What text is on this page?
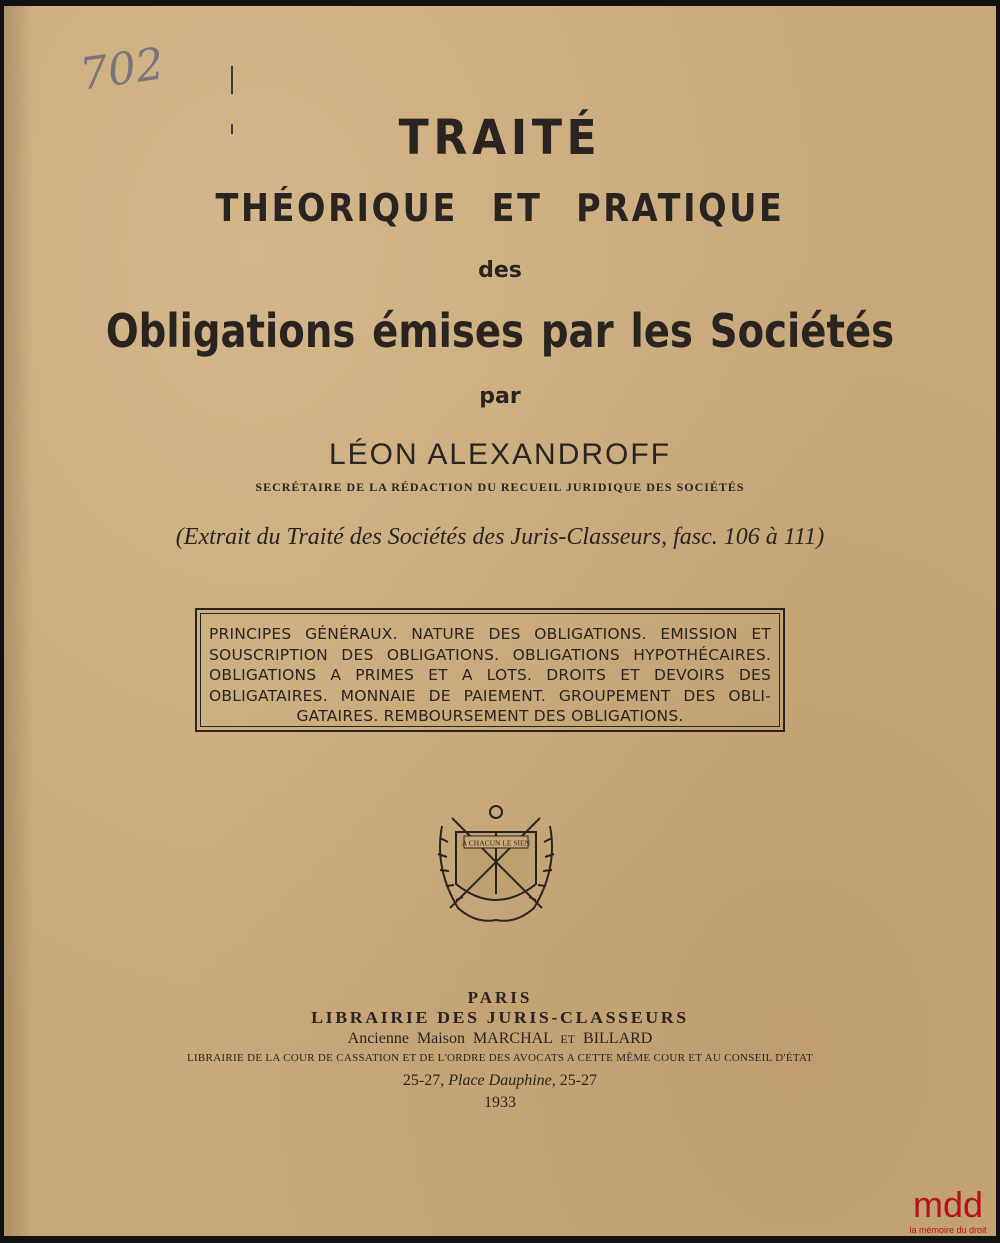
702
TRAITÉ
THÉORIQUE ET PRATIQUE
des
Obligations émises par les Sociétés
par
LÉON ALEXANDROFF
SECRÉTAIRE DE LA RÉDACTION DU RECUEIL JURIDIQUE DES SOCIÉTÉS
(Extrait du Traité des Sociétés des Juris-Classeurs, fasc. 106 à 111)
PRINCIPES GÉNÉRAUX. NATURE DES OBLIGATIONS. EMISSION ET SOUSCRIPTION DES OBLIGATIONS. OBLIGATIONS HYPOTHÉCAIRES. OBLIGATIONS A PRIMES ET A LOTS. DROITS ET DEVOIRS DES OBLIGATAIRES. MONNAIE DE PAIEMENT. GROUPEMENT DES OBLI-GATAIRES. REMBOURSEMENT DES OBLIGATIONS.
A CHACUN LE SIEN
PARIS
LIBRAIRIE DES JURIS-CLASSEURS
Ancienne Maison MARCHAL ET BILLARD
LIBRAIRIE DE LA COUR DE CASSATION ET DE L'ORDRE DES AVOCATS A CETTE MÊME COUR ET AU CONSEIL D'ÉTAT
25-27, Place Dauphine, 25-27
1933
mdd
la mémoire du droit
